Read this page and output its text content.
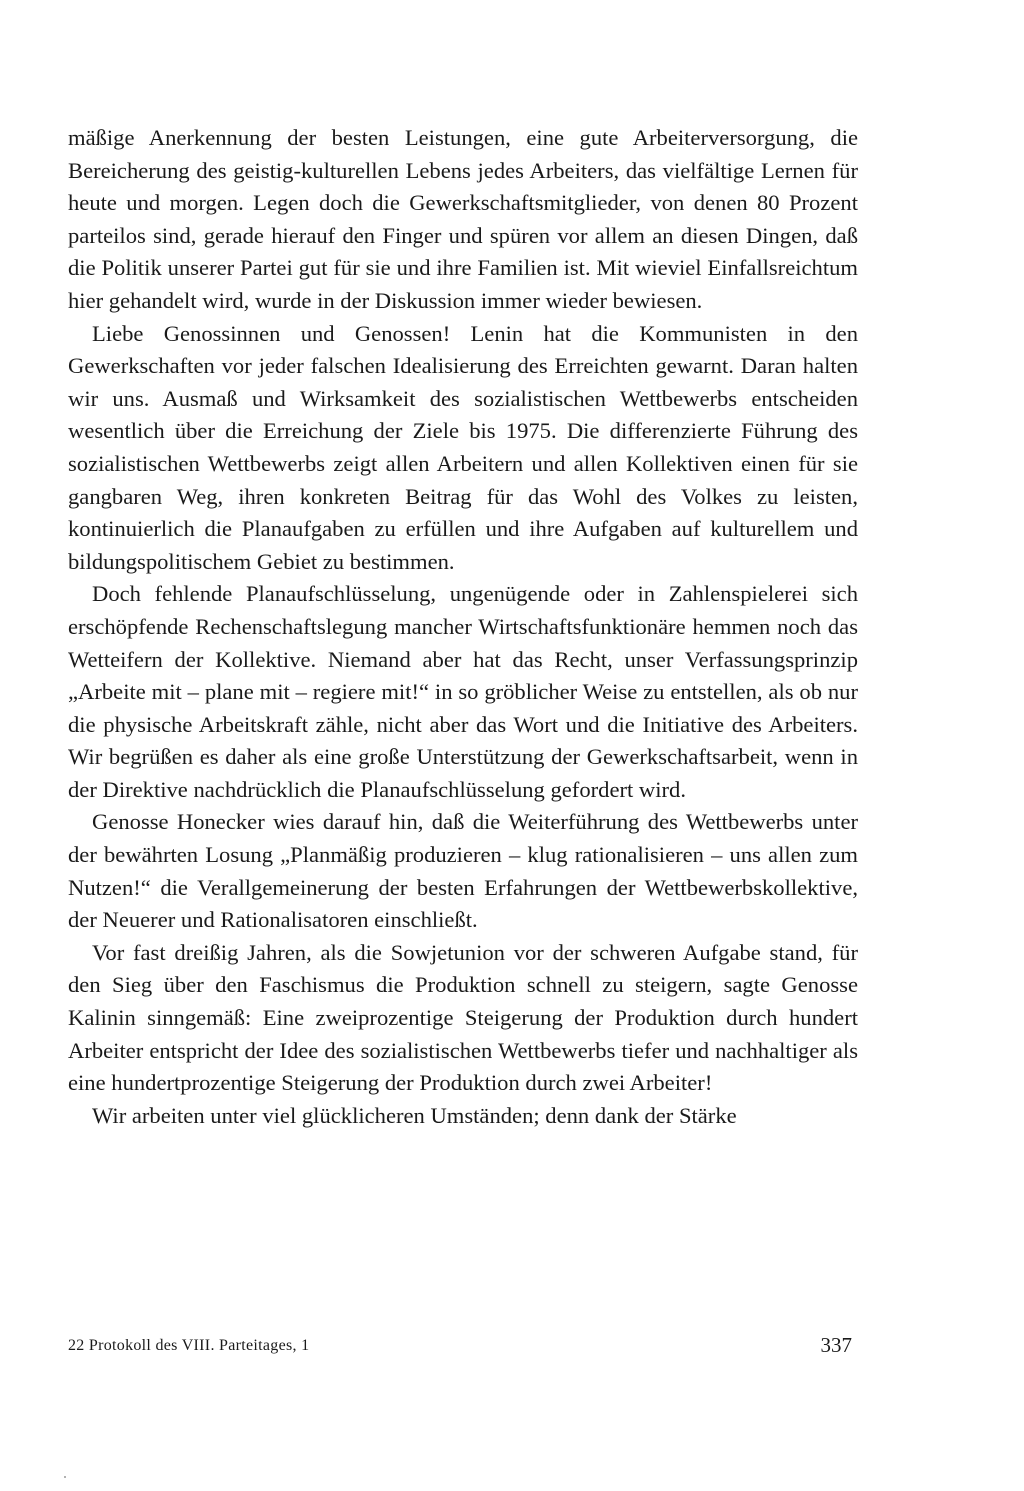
mäßige Anerkennung der besten Leistungen, eine gute Arbeiterversorgung, die Bereicherung des geistig-kulturellen Lebens jedes Arbeiters, das vielfältige Lernen für heute und morgen. Legen doch die Gewerkschaftsmitglieder, von denen 80 Prozent parteilos sind, gerade hierauf den Finger und spüren vor allem an diesen Dingen, daß die Politik unserer Partei gut für sie und ihre Familien ist. Mit wieviel Einfallsreichtum hier gehandelt wird, wurde in der Diskussion immer wieder bewiesen.

Liebe Genossinnen und Genossen! Lenin hat die Kommunisten in den Gewerkschaften vor jeder falschen Idealisierung des Erreichten gewarnt. Daran halten wir uns. Ausmaß und Wirksamkeit des sozialistischen Wettbewerbs entscheiden wesentlich über die Erreichung der Ziele bis 1975. Die differenzierte Führung des sozialistischen Wettbewerbs zeigt allen Arbeitern und allen Kollektiven einen für sie gangbaren Weg, ihren konkreten Beitrag für das Wohl des Volkes zu leisten, kontinuierlich die Planaufgaben zu erfüllen und ihre Aufgaben auf kulturellem und bildungspolitischem Gebiet zu bestimmen.

Doch fehlende Planaufschlüsselung, ungenügende oder in Zahlenspielerei sich erschöpfende Rechenschaftslegung mancher Wirtschaftsfunktionäre hemmen noch das Wetteifern der Kollektive. Niemand aber hat das Recht, unser Verfassungsprinzip „Arbeite mit – plane mit – regiere mit!“ in so gröblicher Weise zu entstellen, als ob nur die physische Arbeitskraft zähle, nicht aber das Wort und die Initiative des Arbeiters. Wir begrüßen es daher als eine große Unterstützung der Gewerkschaftsarbeit, wenn in der Direktive nachdrücklich die Planaufschlüsselung gefordert wird.

Genosse Honecker wies darauf hin, daß die Weiterführung des Wettbewerbs unter der bewährten Losung „Planmäßig produzieren – klug rationalisieren – uns allen zum Nutzen!“ die Verallgemeinerung der besten Erfahrungen der Wettbewerbskollektive, der Neuerer und Rationalisatoren einschließt.

Vor fast dreißig Jahren, als die Sowjetunion vor der schweren Aufgabe stand, für den Sieg über den Faschismus die Produktion schnell zu steigern, sagte Genosse Kalinin sinngemäß: Eine zweiprozentige Steigerung der Produktion durch hundert Arbeiter entspricht der Idee des sozialistischen Wettbewerbs tiefer und nachhaltiger als eine hundertprozentige Steigerung der Produktion durch zwei Arbeiter!

Wir arbeiten unter viel glücklicheren Umständen; denn dank der Stärke

22 Protokoll des VIII. Parteitages, 1	337
